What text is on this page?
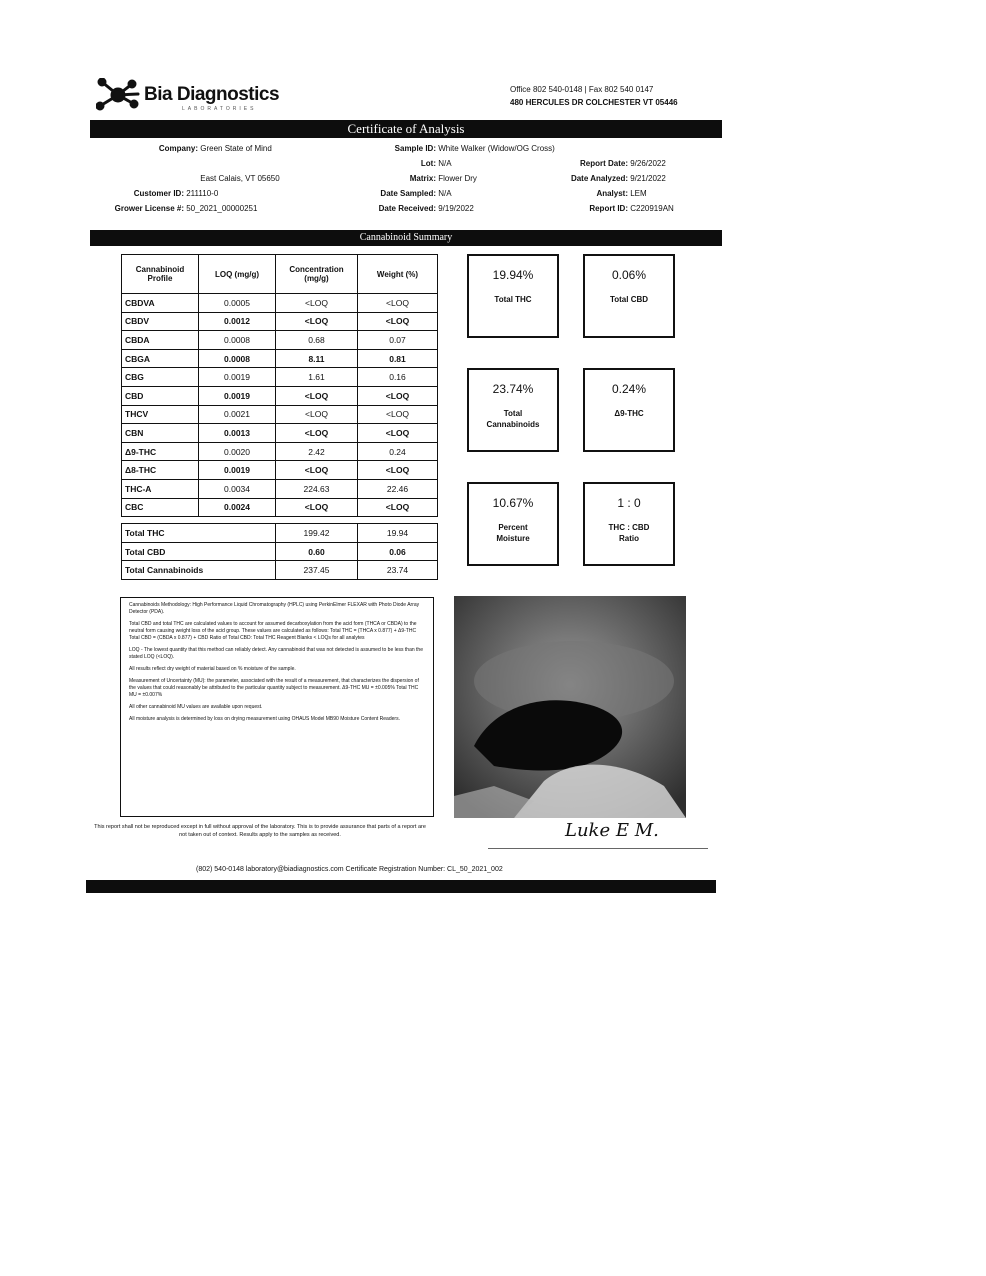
Bia Diagnostics
LABORATORIES
Office 802 540-0148 | Fax 802 540 0147
480 HERCULES DR COLCHESTER VT 05446
Certificate of Analysis
Company: Green State of Mind
East Calais, VT 05650
Customer ID: 211110-0
Grower License #: 50_2021_00000251
Sample ID: White Walker (Widow/OG Cross)
Lot: N/A
Matrix: Flower Dry
Date Sampled: N/A
Date Received: 9/19/2022
Report Date: 9/26/2022
Date Analyzed: 9/21/2022
Analyst: LEM
Report ID: C220919AN
Cannabinoid Summary
Cannabinoid Profile	LOQ (mg/g)	Concentration (mg/g)	Weight (%)
CBDVA	0.0005	<LOQ	<LOQ
CBDV	0.0012	<LOQ	<LOQ
CBDA	0.0008	0.68	0.07
CBGA	0.0008	8.11	0.81
CBG	0.0019	1.61	0.16
CBD	0.0019	<LOQ	<LOQ
THCV	0.0021	<LOQ	<LOQ
CBN	0.0013	<LOQ	<LOQ
Δ9-THC	0.0020	2.42	0.24
Δ8-THC	0.0019	<LOQ	<LOQ
THC-A	0.0034	224.63	22.46
CBC	0.0024	<LOQ	<LOQ

Total THC		199.42	19.94
Total CBD		0.60	0.06
Total Cannabinoids		237.45	23.74
19.94%
Total THC
0.06%
Total CBD
23.74%
Total Cannabinoids
0.24%
Δ9-THC
10.67%
Percent Moisture
1 : 0
THC : CBD Ratio

Cannabinoids Methodology: High Performance Liquid Chromatography (HPLC) using PerkinElmer FLEXAR with Photo Diode Array Detector (PDA).

Total CBD and total THC are calculated values to account for assumed decarboxylation from the acid form (THCA or CBDA) to the neutral form causing weight loss of the acid group. These values are calculated as follows: Total THC = (THCA x 0.877) + Δ9-THC Total CBD = (CBDA x 0.877) + CBD Ratio of Total CBD: Total THC Reagent Blanks < LOQs for all analytes

LOQ - The lowest quantity that this method can reliably detect. Any cannabinoid that was not detected is assumed to be less than the stated LOQ (<LOQ).

All results reflect dry weight of material based on % moisture of the sample.

Measurement of Uncertainty (MU): the parameter, associated with the result of a measurement, that characterizes the dispersion of the values that could reasonably be attributed to the particular quantity subject to measurement. Δ9-THC MU = ±0.005% Total THC MU = ±0.007%

All other cannabinoid MU values are available upon request.

All moisture analysis is determined by loss on drying measurement using OHAUS Model MB90 Moisture Content Readers.

This report shall not be reproduced except in full without approval of the laboratory. This is to provide assurance that parts of a report are not taken out of context. Results apply to the samples as received.	Luke E M.
(802) 540-0148 laboratory@biadiagnostics.com Certificate Registration Number: CL_50_2021_002
